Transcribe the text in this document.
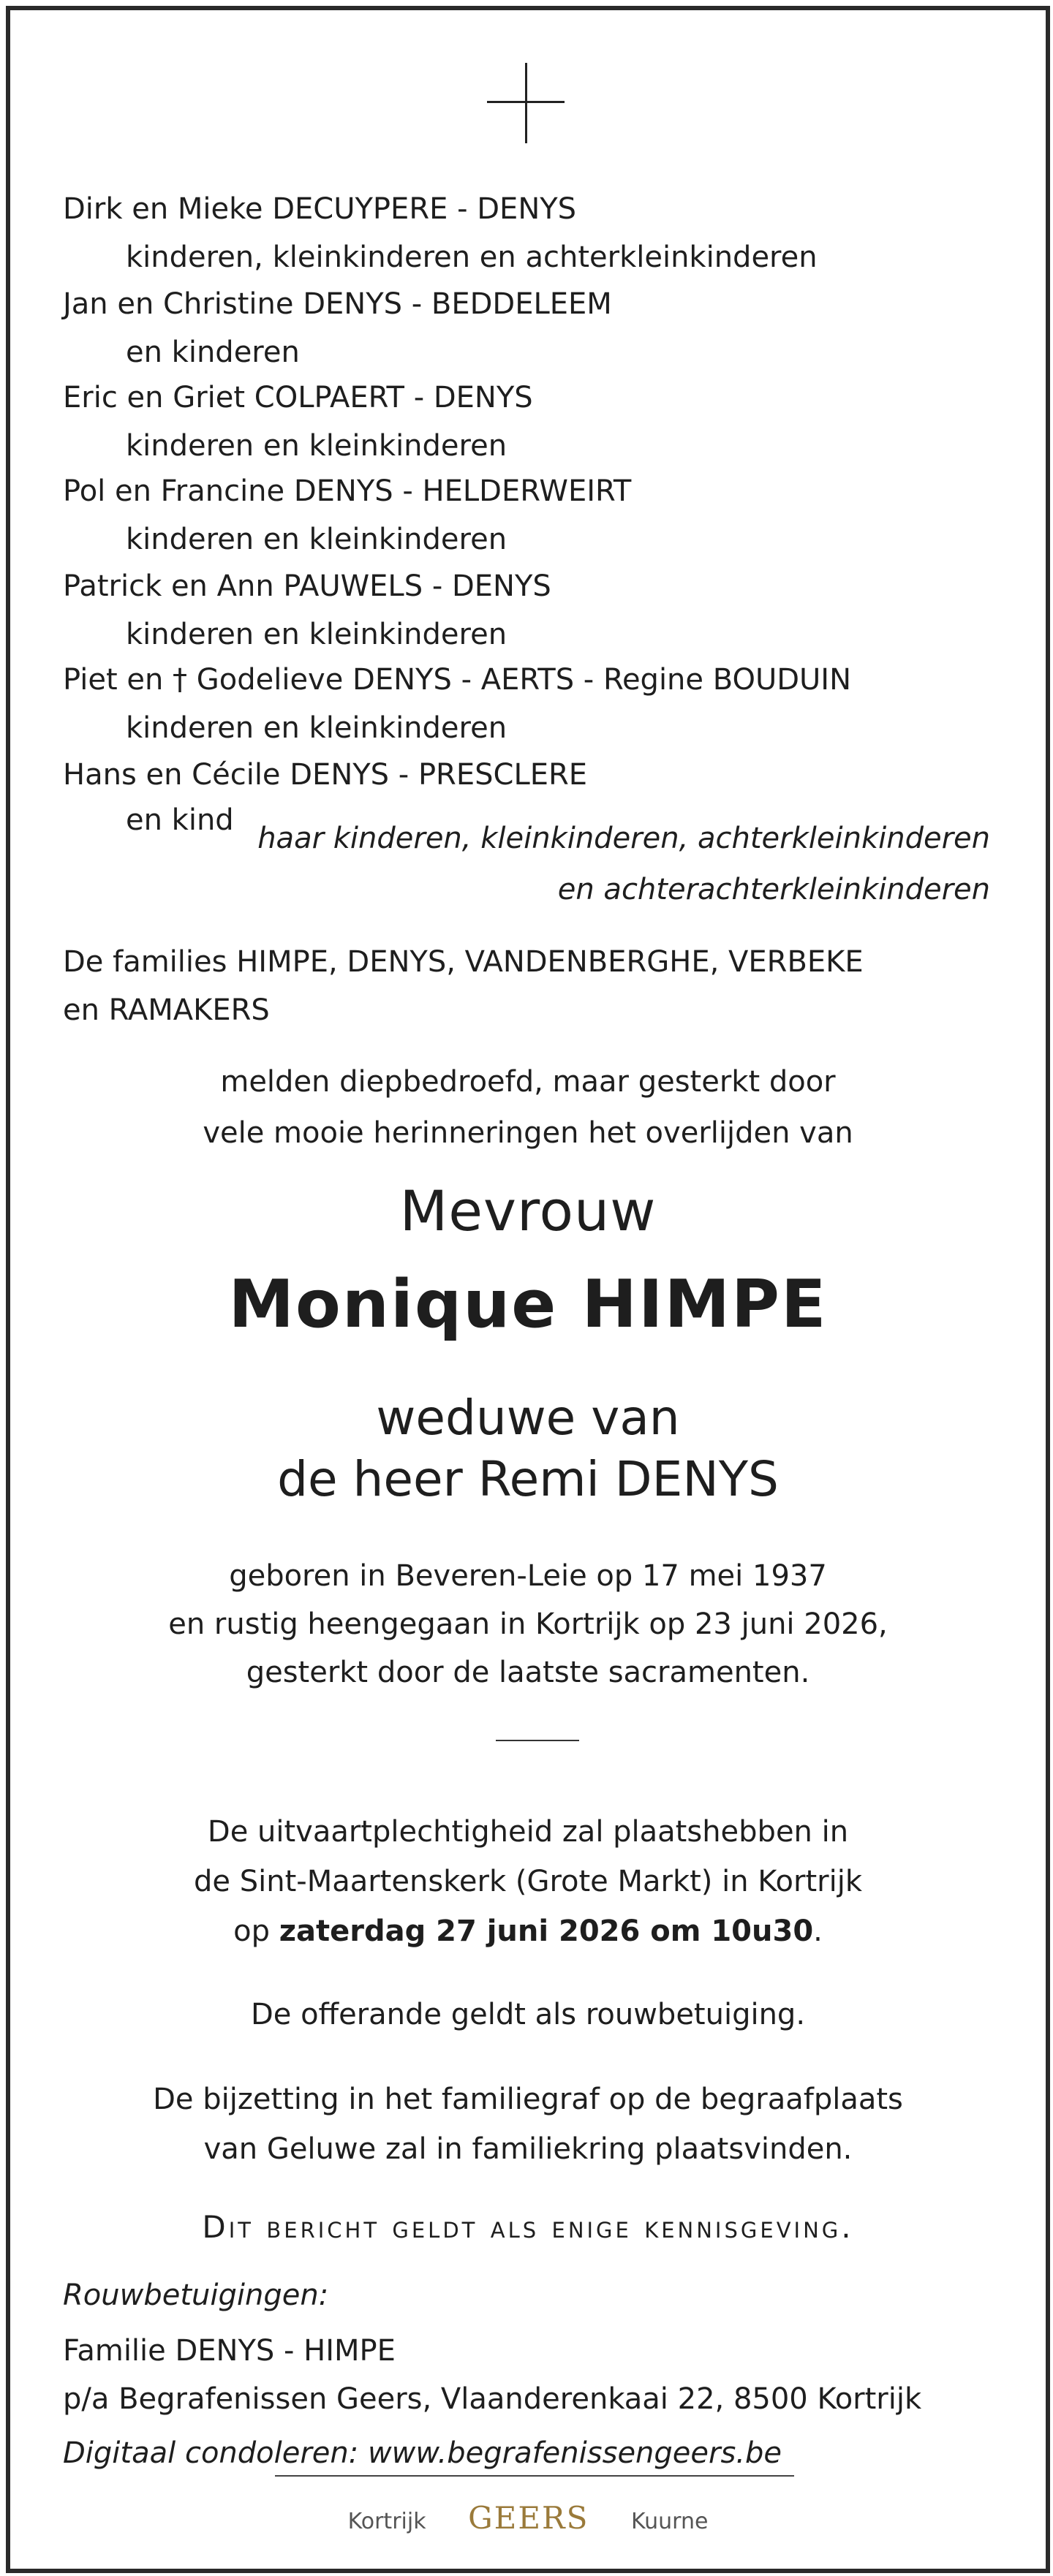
Dirk en Mieke DECUYPERE - DENYS
kinderen, kleinkinderen en achterkleinkinderen
Jan en Christine DENYS - BEDDELEEM
en kinderen
Eric en Griet COLPAERT - DENYS
kinderen en kleinkinderen
Pol en Francine DENYS - HELDERWEIRT
kinderen en kleinkinderen
Patrick en Ann PAUWELS - DENYS
kinderen en kleinkinderen
Piet en † Godelieve DENYS - AERTS - Regine BOUDUIN
kinderen en kleinkinderen
Hans en Cécile DENYS - PRESCLERE
en kind
haar kinderen, kleinkinderen, achterkleinkinderen
en achterachterkleinkinderen
De families HIMPE, DENYS, VANDENBERGHE, VERBEKE
en RAMAKERS
melden diepbedroefd, maar gesterkt door
vele mooie herinneringen het overlijden van
Mevrouw
Monique HIMPE
weduwe van
de heer Remi DENYS
geboren in Beveren-Leie op 17 mei 1937
en rustig heengegaan in Kortrijk op 23 juni 2026,
gesterkt door de laatste sacramenten.
De uitvaartplechtigheid zal plaatshebben in
de Sint-Maartenskerk (Grote Markt) in Kortrijk
op zaterdag 27 juni 2026 om 10u30.
De offerande geldt als rouwbetuiging.
De bijzetting in het familiegraf op de begraafplaats
van Geluwe zal in familiekring plaatsvinden.
Dit bericht geldt als enige kennisgeving.
Rouwbetuigingen:
Familie DENYS - HIMPE
p/a Begrafenissen Geers, Vlaanderenkaai 22, 8500 Kortrijk
Digitaal condoleren: www.begrafenissengeers.be
Kortrijk GEERS Kuurne
